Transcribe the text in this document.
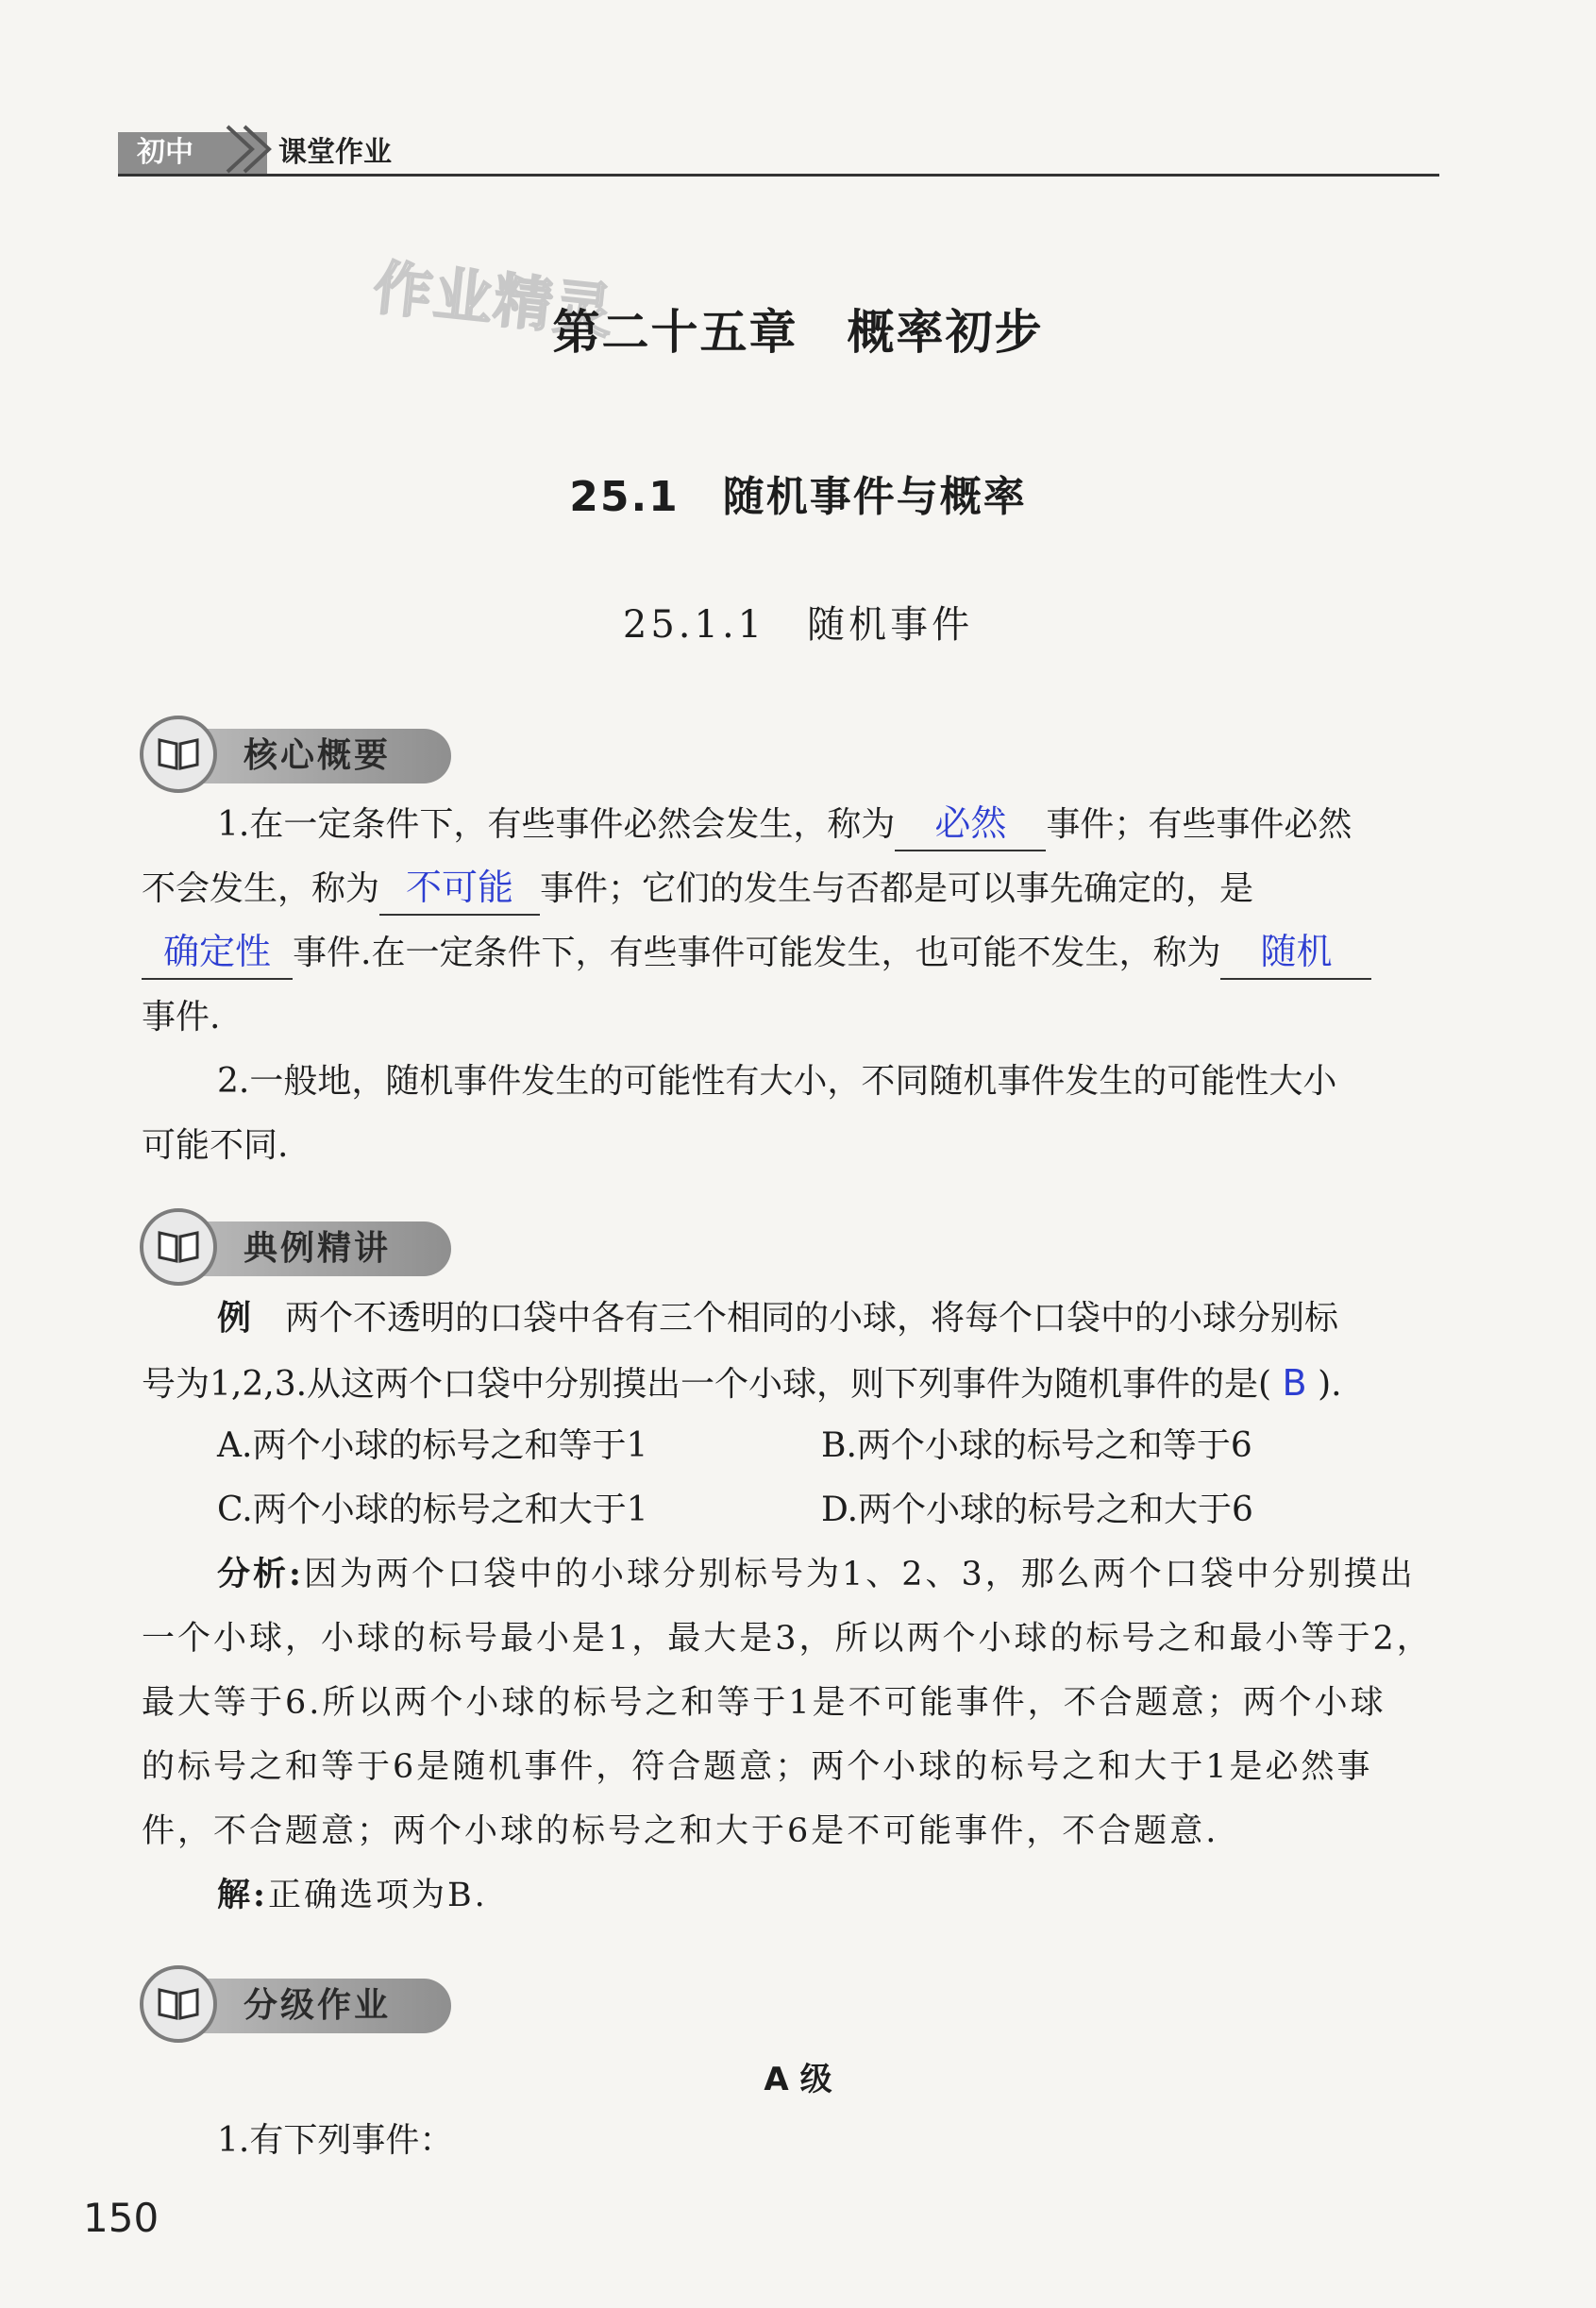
初中	课堂作业
作业精灵
第二十五章　概率初步
25.1　随机事件与概率
25.1.1　随机事件
核心概要

1.在一定条件下，有些事件必然会发生，称为 必然 事件；有些事件必然

不会发生，称为 不可能 事件；它们的发生与否都是可以事先确定的，是

确定性 事件.在一定条件下，有些事件可能发生，也可能不发生，称为 随机

事件.

2.一般地，随机事件发生的可能性有大小，不同随机事件发生的可能性大小

可能不同.

典例精讲

例　 两个不透明的口袋中各有三个相同的小球，将每个口袋中的小球分别标

号为1,2,3.从这两个口袋中分别摸出一个小球，则下列事件为随机事件的是( B ).

A.两个小球的标号之和等于1	B.两个小球的标号之和等于6
C.两个小球的标号之和大于1	D.两个小球的标号之和大于6

分析:因为两个口袋中的小球分别标号为1、2、3，那么两个口袋中分别摸出

一个小球，小球的标号最小是1，最大是3，所以两个小球的标号之和最小等于2，

最大等于6.所以两个小球的标号之和等于1是不可能事件，不合题意；两个小球

的标号之和等于6是随机事件，符合题意；两个小球的标号之和大于1是必然事

件，不合题意；两个小球的标号之和大于6是不可能事件，不合题意.

解:正确选项为B.

分级作业
A 级

1.有下列事件：

150
